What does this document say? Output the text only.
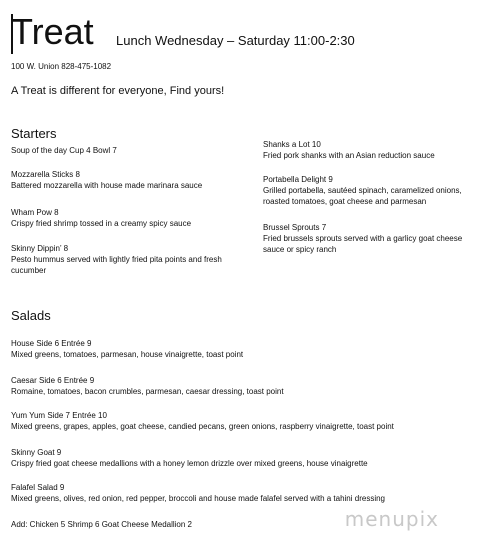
Treat Lunch Wednesday – Saturday 11:00-2:30
100 W. Union 828-475-1082
A Treat is different for everyone, Find yours!
Starters
Soup of the day Cup 4 Bowl 7
Mozzarella Sticks 8
Battered mozzarella with house made marinara sauce
Wham Pow 8
Crispy fried shrimp tossed in a creamy spicy sauce
Skinny Dippin’ 8
Pesto hummus served with lightly fried pita points and fresh cucumber
Shanks a Lot 10
Fried pork shanks with an Asian reduction sauce
Portabella Delight 9
Grilled portabella, sautéed spinach, caramelized onions, roasted tomatoes, goat cheese and parmesan
Brussel Sprouts 7
Fried brussels sprouts served with a garlicy goat cheese sauce or spicy ranch
Salads
House Side 6 Entrée 9
Mixed greens, tomatoes, parmesan, house vinaigrette, toast point
Caesar Side 6 Entrée 9
Romaine, tomatoes, bacon crumbles, parmesan, caesar dressing, toast point
Yum Yum Side 7 Entrée 10
Mixed greens, grapes, apples, goat cheese, candied pecans, green onions, raspberry vinaigrette, toast point
Skinny Goat 9
Crispy fried goat cheese medallions with a honey lemon drizzle over mixed greens, house vinaigrette
Falafel Salad 9
Mixed greens, olives, red onion, red pepper, broccoli and house made falafel served with a tahini dressing
Add: Chicken 5 Shrimp 6 Goat Cheese Medallion 2	menupix
